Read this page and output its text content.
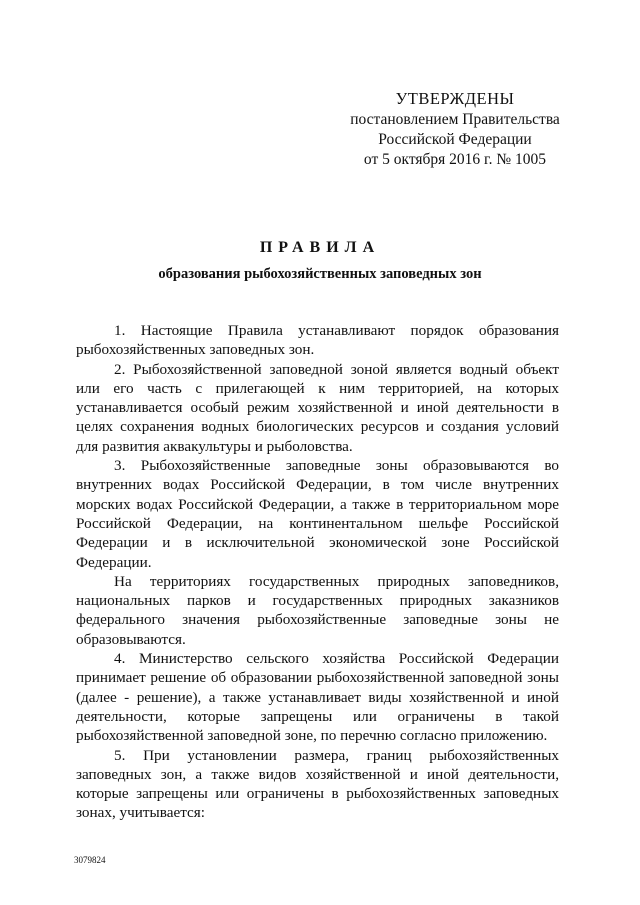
УТВЕРЖДЕНЫ
постановлением Правительства
Российской Федерации
от 5 октября 2016 г. № 1005
ПРАВИЛА
образования рыбохозяйственных заповедных зон

1. Настоящие Правила устанавливают порядок образования рыбохозяйственных заповедных зон.

2. Рыбохозяйственной заповедной зоной является водный объект или его часть с прилегающей к ним территорией, на которых устанавливается особый режим хозяйственной и иной деятельности в целях сохранения водных биологических ресурсов и создания условий для развития аквакультуры и рыболовства.

3. Рыбохозяйственные заповедные зоны образовываются во внутренних водах Российской Федерации, в том числе внутренних морских водах Российской Федерации, а также в территориальном море Российской Федерации, на континентальном шельфе Российской Федерации и в исключительной экономической зоне Российской Федерации.

На территориях государственных природных заповедников, национальных парков и государственных природных заказников федерального значения рыбохозяйственные заповедные зоны не образовываются.

4. Министерство сельского хозяйства Российской Федерации принимает решение об образовании рыбохозяйственной заповедной зоны (далее - решение), а также устанавливает виды хозяйственной и иной деятельности, которые запрещены или ограничены в такой рыбохозяйственной заповедной зоне, по перечню согласно приложению.

5. При установлении размера, границ рыбохозяйственных заповедных зон, а также видов хозяйственной и иной деятельности, которые запрещены или ограничены в рыбохозяйственных заповедных зонах, учитывается:

3079824
